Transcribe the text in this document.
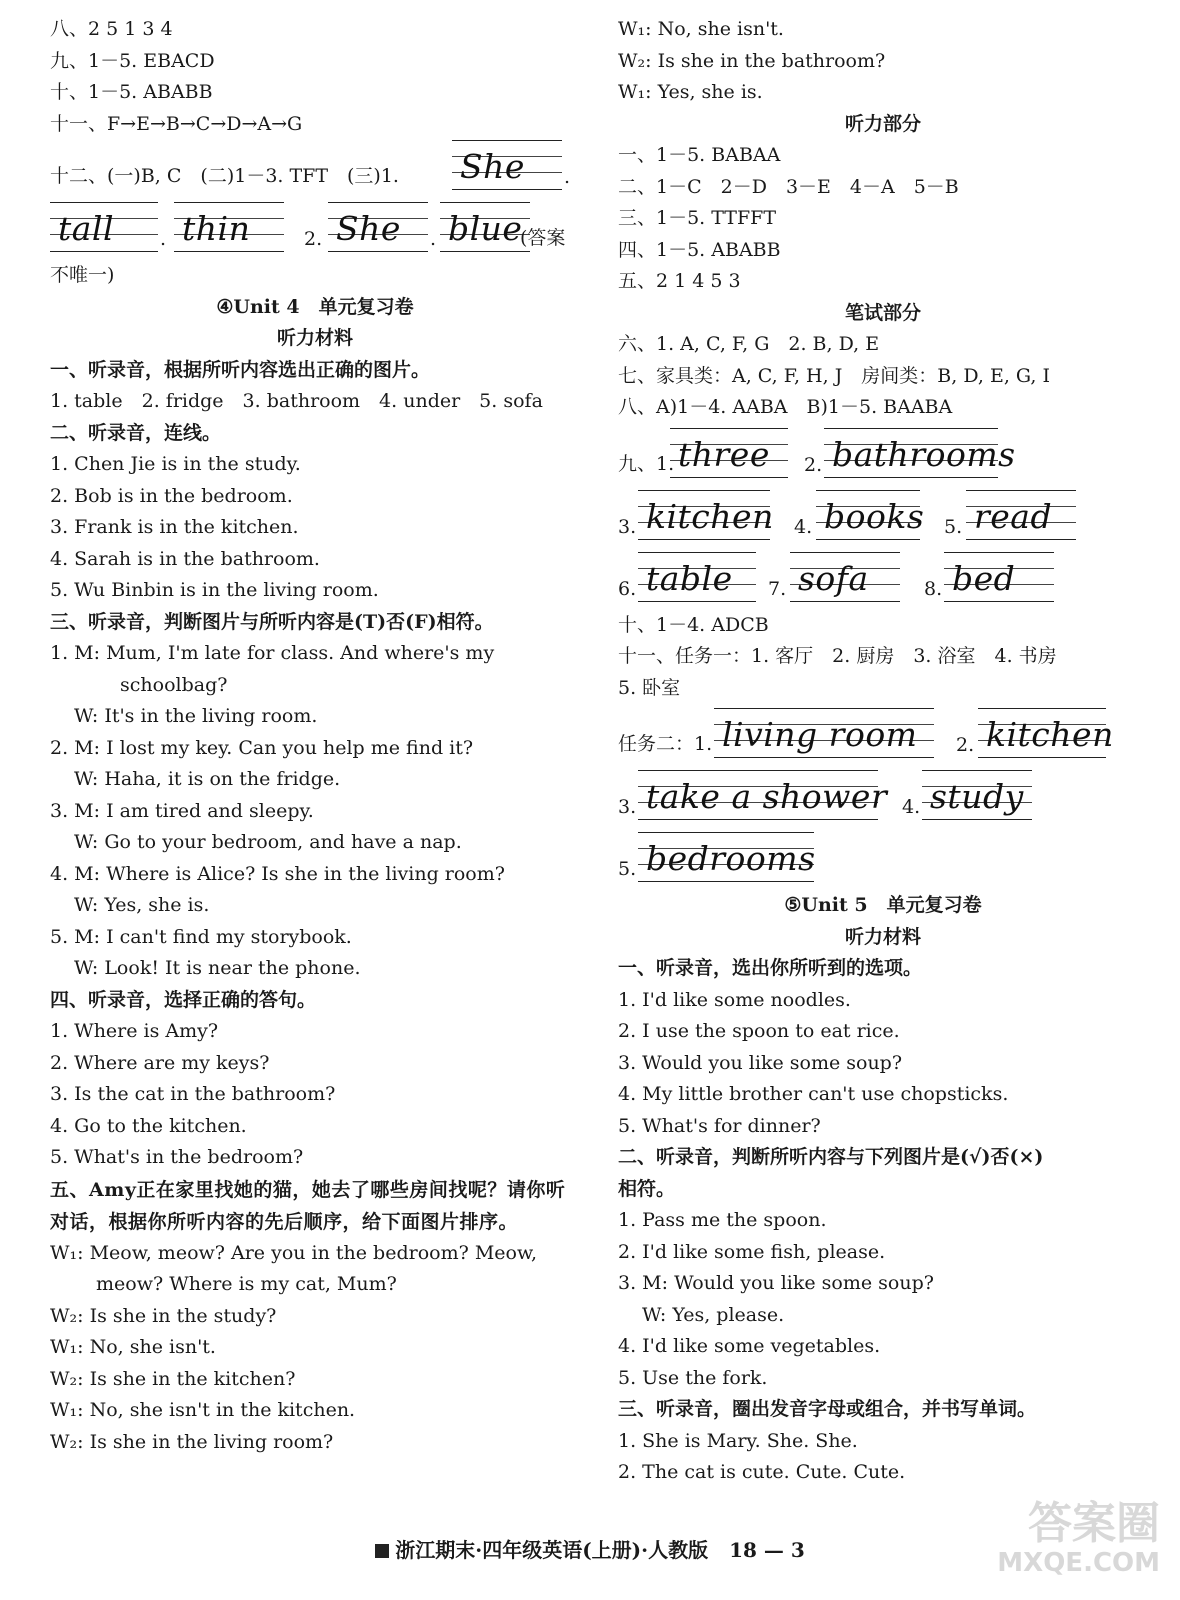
八、2 5 1 3 4
九、1－5. EBACD
十、1－5. ABABB
十一、F→E→B→C→D→A→G
十二、(一)B, C　(二)1－3. TFT　(三)1. She .
tall . thin	2. She . blue
(答案
不唯一)
④Unit 4　单元复习卷
听力材料
一、听录音，根据所听内容选出正确的图片。
1. table　2. fridge　3. bathroom　4. under　5. sofa
二、听录音，连线。
1. Chen Jie is in the study.
2. Bob is in the bedroom.
3. Frank is in the kitchen.
4. Sarah is in the bathroom.
5. Wu Binbin is in the living room.
三、听录音，判断图片与所听内容是(T)否(F)相符。
1. M: Mum, I'm late for class. And where's my
schoolbag?
W: It's in the living room.
2. M: I lost my key. Can you help me find it?
W: Haha, it is on the fridge.
3. M: I am tired and sleepy.
W: Go to your bedroom, and have a nap.
4. M: Where is Alice? Is she in the living room?
W: Yes, she is.
5. M: I can't find my storybook.
W: Look! It is near the phone.
四、听录音，选择正确的答句。
1. Where is Amy?
2. Where are my keys?
3. Is the cat in the bathroom?
4. Go to the kitchen.
5. What's in the bedroom?
五、Amy正在家里找她的猫，她去了哪些房间找呢？请你听对话，根据你所听内容的先后顺序，给下面图片排序。
W₁: Meow, meow? Are you in the bedroom? Meow,
meow? Where is my cat, Mum?
W₂: Is she in the study?
W₁: No, she isn't.
W₂: Is she in the kitchen?
W₁: No, she isn't in the kitchen.
W₂: Is she in the living room?
W₁: No, she isn't.
W₂: Is she in the bathroom?
W₁: Yes, she is.
听力部分
一、1－5. BABAA
二、1－C　2－D　3－E　4－A　5－B
三、1－5. TTFFT
四、1－5. ABABB
五、2 1 4 5 3
笔试部分
六、1. A, C, F, G　2. B, D, E
七、家具类：A, C, F, H, J　房间类：B, D, E, G, I
八、A)1－4. AABA　B)1－5. BAABA
九、1. three 2. bathrooms
3. kitchen 4. books 5. read
6. table 7. sofa	8. bed
十、1－4. ADCB
十一、任务一：1. 客厅　2. 厨房　3. 浴室　4. 书房
5. 卧室
任务二：1. living room 2. kitchen
3. take a shower 4. study
5. bedrooms
⑤Unit 5　单元复习卷
听力材料
一、听录音，选出你所听到的选项。
1. I'd like some noodles.
2. I use the spoon to eat rice.
3. Would you like some soup?
4. My little brother can't use chopsticks.
5. What's for dinner?
二、听录音，判断所听内容与下列图片是(√)否(×)
相符。
1. Pass me the spoon.
2. I'd like some fish, please.
3. M: Would you like some soup?
W: Yes, please.
4. I'd like some vegetables.
5. Use the fork.
三、听录音，圈出发音字母或组合，并书写单词。
1. She is Mary. She. She.
2. The cat is cute. Cute. Cute.
浙江期末·四年级英语(上册)·人教版 18 — 3
答案圈
MXQE.COM
